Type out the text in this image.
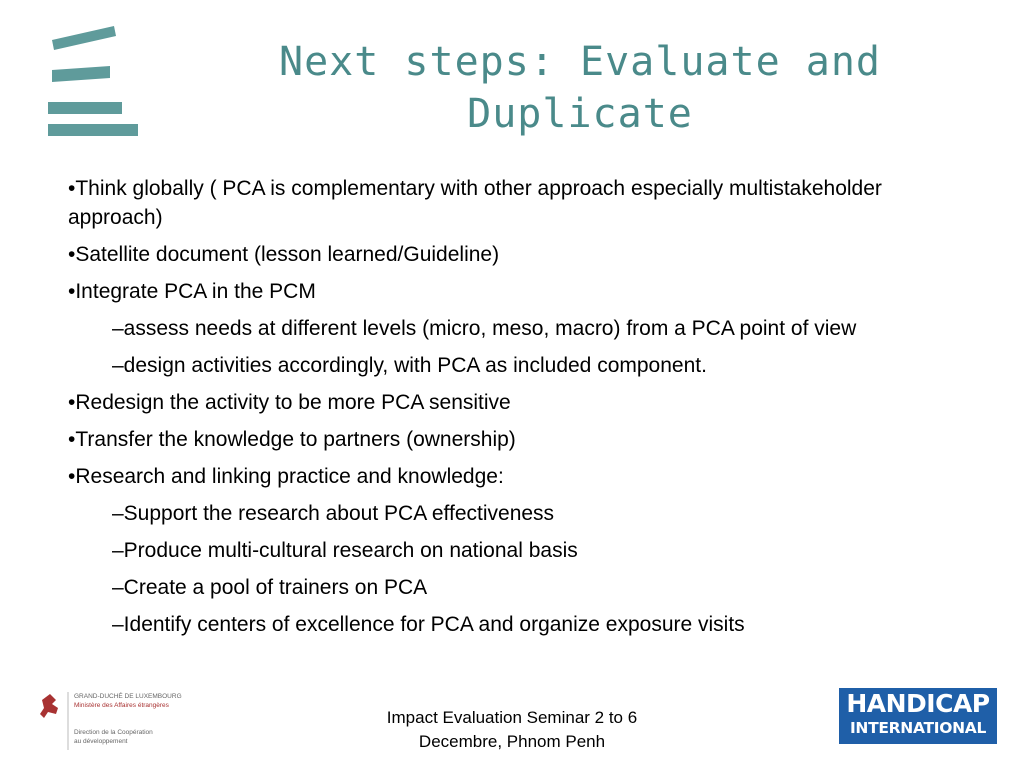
Next steps: Evaluate and Duplicate
•Think globally ( PCA is complementary with other approach especially multistakeholder approach)
•Satellite document (lesson learned/Guideline)
•Integrate PCA in the PCM
–assess needs at different levels (micro, meso, macro) from a PCA point of view
–design activities accordingly, with PCA as included component.
•Redesign the activity to be more PCA sensitive
•Transfer the knowledge to partners (ownership)
•Research and linking practice and knowledge:
–Support the research about PCA effectiveness
–Produce multi-cultural research on national basis
–Create a pool of trainers on PCA
–Identify centers of excellence for PCA and organize exposure visits
GRAND-DUCHÉ DE LUXEMBOURG
Ministère des Affaires étrangères
Direction de la Coopération
au développement
Impact Evaluation Seminar 2 to 6
Decembre, Phnom Penh
HANDICAP
INTERNATIONAL
